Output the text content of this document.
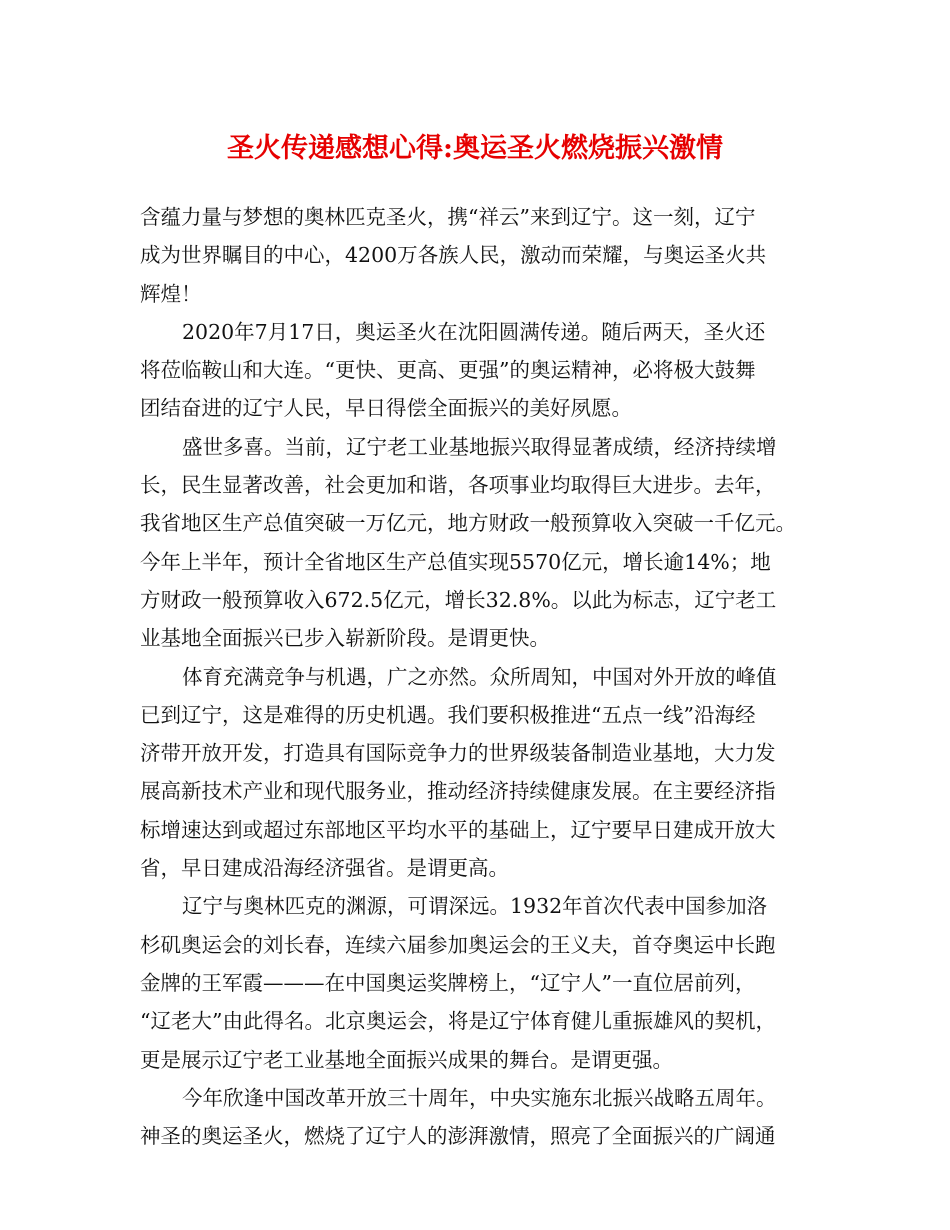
圣火传递感想心得:奥运圣火燃烧振兴激情
含蕴力量与梦想的奥林匹克圣火，携“祥云”来到辽宁。这一刻，辽宁
成为世界瞩目的中心，4200万各族人民，激动而荣耀，与奥运圣火共
辉煌！
2020年7月17日，奥运圣火在沈阳圆满传递。随后两天，圣火还
将莅临鞍山和大连。“更快、更高、更强”的奥运精神，必将极大鼓舞
团结奋进的辽宁人民，早日得偿全面振兴的美好夙愿。
盛世多喜。当前，辽宁老工业基地振兴取得显著成绩，经济持续增
长，民生显著改善，社会更加和谐，各项事业均取得巨大进步。去年，
我省地区生产总值突破一万亿元，地方财政一般预算收入突破一千亿元。
今年上半年，预计全省地区生产总值实现5570亿元，增长逾14%；地
方财政一般预算收入672.5亿元，增长32.8%。以此为标志，辽宁老工
业基地全面振兴已步入崭新阶段。是谓更快。
体育充满竞争与机遇，广之亦然。众所周知，中国对外开放的峰值
已到辽宁，这是难得的历史机遇。我们要积极推进“五点一线”沿海经
济带开放开发，打造具有国际竞争力的世界级装备制造业基地，大力发
展高新技术产业和现代服务业，推动经济持续健康发展。在主要经济指
标增速达到或超过东部地区平均水平的基础上，辽宁要早日建成开放大
省，早日建成沿海经济强省。是谓更高。
辽宁与奥林匹克的渊源，可谓深远。1932年首次代表中国参加洛
杉矶奥运会的刘长春，连续六届参加奥运会的王义夫，首夺奥运中长跑
金牌的王军霞———在中国奥运奖牌榜上，“辽宁人”一直位居前列，
“辽老大”由此得名。北京奥运会，将是辽宁体育健儿重振雄风的契机，
更是展示辽宁老工业基地全面振兴成果的舞台。是谓更强。
今年欣逢中国改革开放三十周年，中央实施东北振兴战略五周年。
神圣的奥运圣火，燃烧了辽宁人的澎湃激情，照亮了全面振兴的广阔通
